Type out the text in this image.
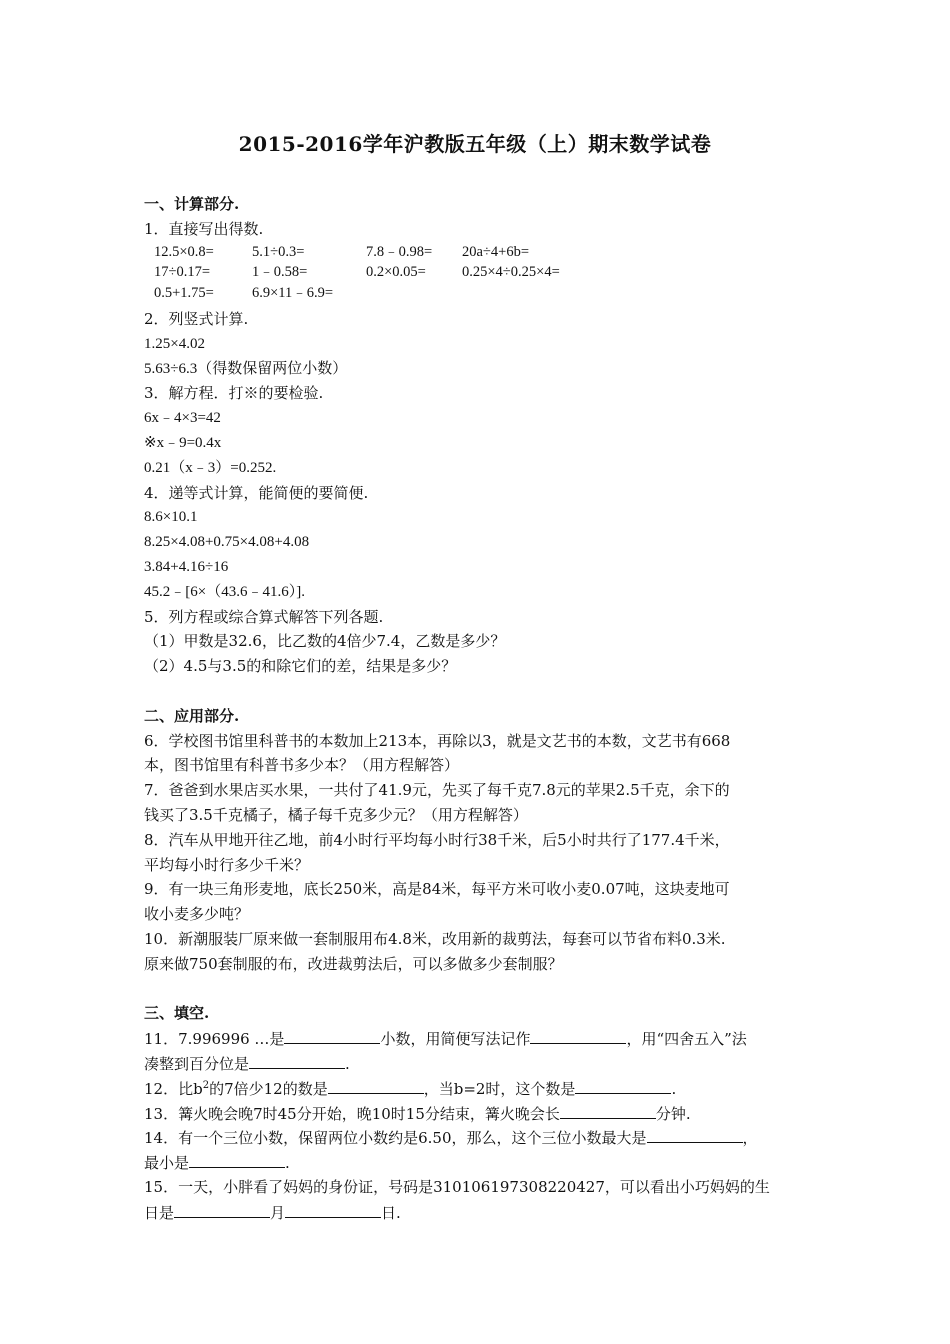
2015-2016学年沪教版五年级（上）期末数学试卷
一、计算部分.
1．直接写出得数.
12.5×0.8=	5.1÷0.3=	7.8﹣0.98=	20a÷4+6b=
17÷0.17=	1﹣0.58=	0.2×0.05=	0.25×4÷0.25×4=
0.5+1.75=	6.9×11﹣6.9=
2．列竖式计算.
1.25×4.02
5.63÷6.3（得数保留两位小数）
3．解方程．打※的要检验.
6x﹣4×3=42
※x﹣9=0.4x
0.21（x﹣3）=0.252.
4．递等式计算，能简便的要简便.
8.6×10.1
8.25×4.08+0.75×4.08+4.08
3.84+4.16÷16
45.2﹣[6×（43.6﹣41.6）].
5．列方程或综合算式解答下列各题.
（1）甲数是32.6，比乙数的4倍少7.4，乙数是多少？
（2）4.5与3.5的和除它们的差，结果是多少？
二、应用部分.
6．学校图书馆里科普书的本数加上213本，再除以3，就是文艺书的本数，文艺书有668
本，图书馆里有科普书多少本？（用方程解答）
7．爸爸到水果店买水果，一共付了41.9元，先买了每千克7.8元的苹果2.5千克，余下的
钱买了3.5千克橘子，橘子每千克多少元？（用方程解答）
8．汽车从甲地开往乙地，前4小时行平均每小时行38千米，后5小时共行了177.4千米，
平均每小时行多少千米？
9．有一块三角形麦地，底长250米，高是84米，每平方米可收小麦0.07吨，这块麦地可
收小麦多少吨？
10．新潮服装厂原来做一套制服用布4.8米，改用新的裁剪法，每套可以节省布料0.3米.
原来做750套制服的布，改进裁剪法后，可以多做多少套制服？
三、填空.
11．7.996996 …是	小数，用简便写法记作	，用“四舍五入”法
凑整到百分位是	.
12．比$b^2$的7倍少12的数是	，当b=2时，这个数是	.
13．篝火晚会晚7时45分开始，晚10时15分结束，篝火晚会长	分钟.
14．有一个三位小数，保留两位小数约是6.50，那么，这个三位小数最大是	，
最小是	.
15．一天，小胖看了妈妈的身份证，号码是310106197308220427，可以看出小巧妈妈的生
日是	月	日.
